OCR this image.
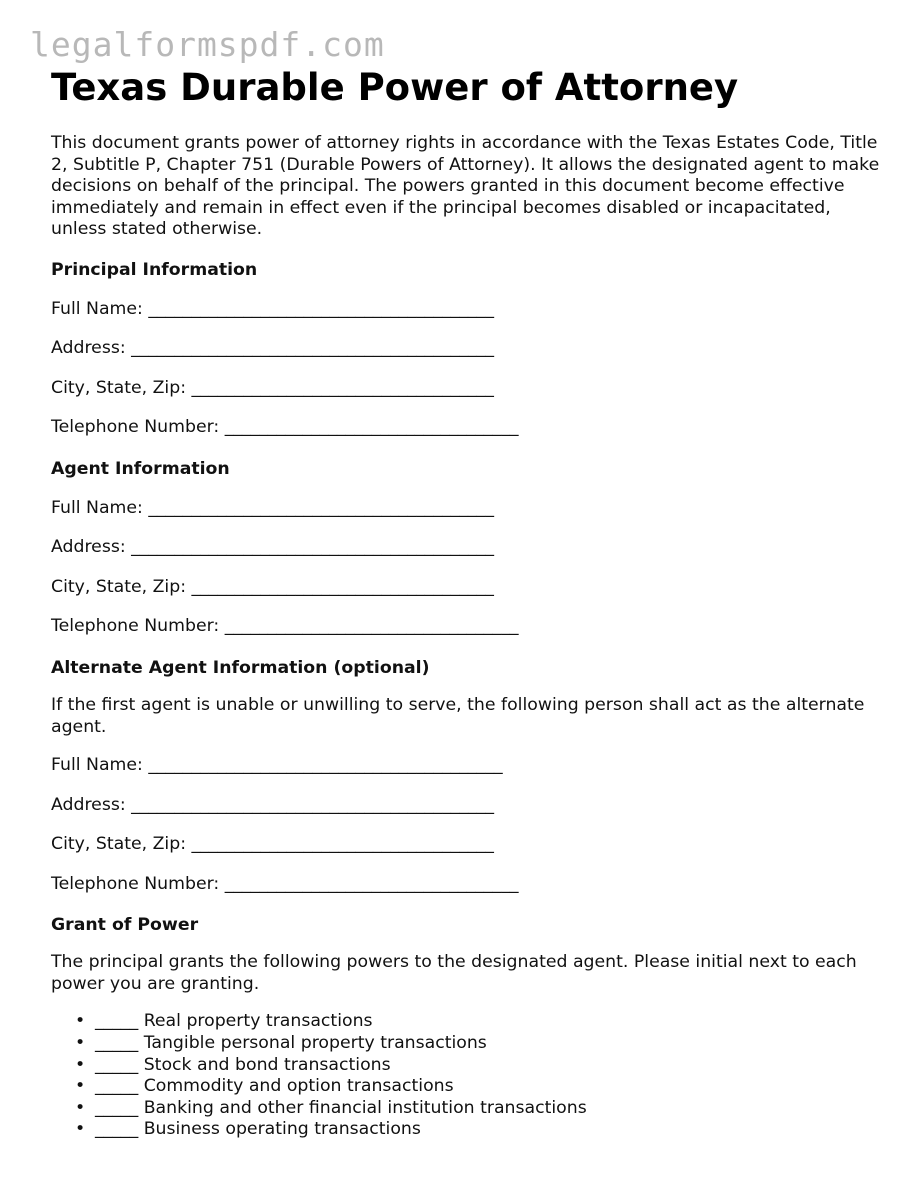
legalformspdf.com
Texas Durable Power of Attorney

This document grants power of attorney rights in accordance with the Texas Estates Code, Title 2, Subtitle P, Chapter 751 (Durable Powers of Attorney). It allows the designated agent to make decisions on behalf of the principal. The powers granted in this document become effective immediately and remain in effect even if the principal becomes disabled or incapacitated, unless stated otherwise.

Principal Information
Full Name: ________________________________________
Address: __________________________________________
City, State, Zip: ___________________________________
Telephone Number: __________________________________
Agent Information
Full Name: ________________________________________
Address: __________________________________________
City, State, Zip: ___________________________________
Telephone Number: __________________________________
Alternate Agent Information (optional)

If the first agent is unable or unwilling to serve, the following person shall act as the alternate agent.

Full Name: _________________________________________
Address: __________________________________________
City, State, Zip: ___________________________________
Telephone Number: __________________________________
Grant of Power

The principal grants the following powers to the designated agent. Please initial next to each power you are granting.

• _____ Real property transactions
• _____ Tangible personal property transactions
• _____ Stock and bond transactions
• _____ Commodity and option transactions
• _____ Banking and other financial institution transactions
• _____ Business operating transactions
